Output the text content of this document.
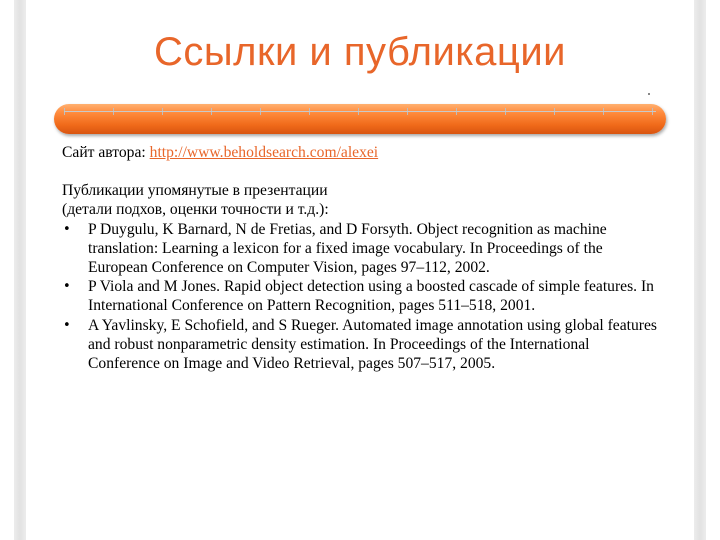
Ссылки и публикации

Сайт автора: http://www.beholdsearch.com/alexei

Публикации упомянутые в презентации

(детали подхов, оценки точности и т.д.):

• P Duygulu, K Barnard, N de Fretias, and D Forsyth. Object recognition as machine translation: Learning a lexicon for a fixed image vocabulary. In Proceedings of the European Conference on Computer Vision, pages 97–112, 2002.
• P Viola and M Jones. Rapid object detection using a boosted cascade of simple features. In International Conference on Pattern Recognition, pages 511–518, 2001.
• A Yavlinsky, E Schofield, and S Rueger. Automated image annotation using global features and robust nonparametric density estimation. In Proceedings of the International Conference on Image and Video Retrieval, pages 507–517, 2005.
